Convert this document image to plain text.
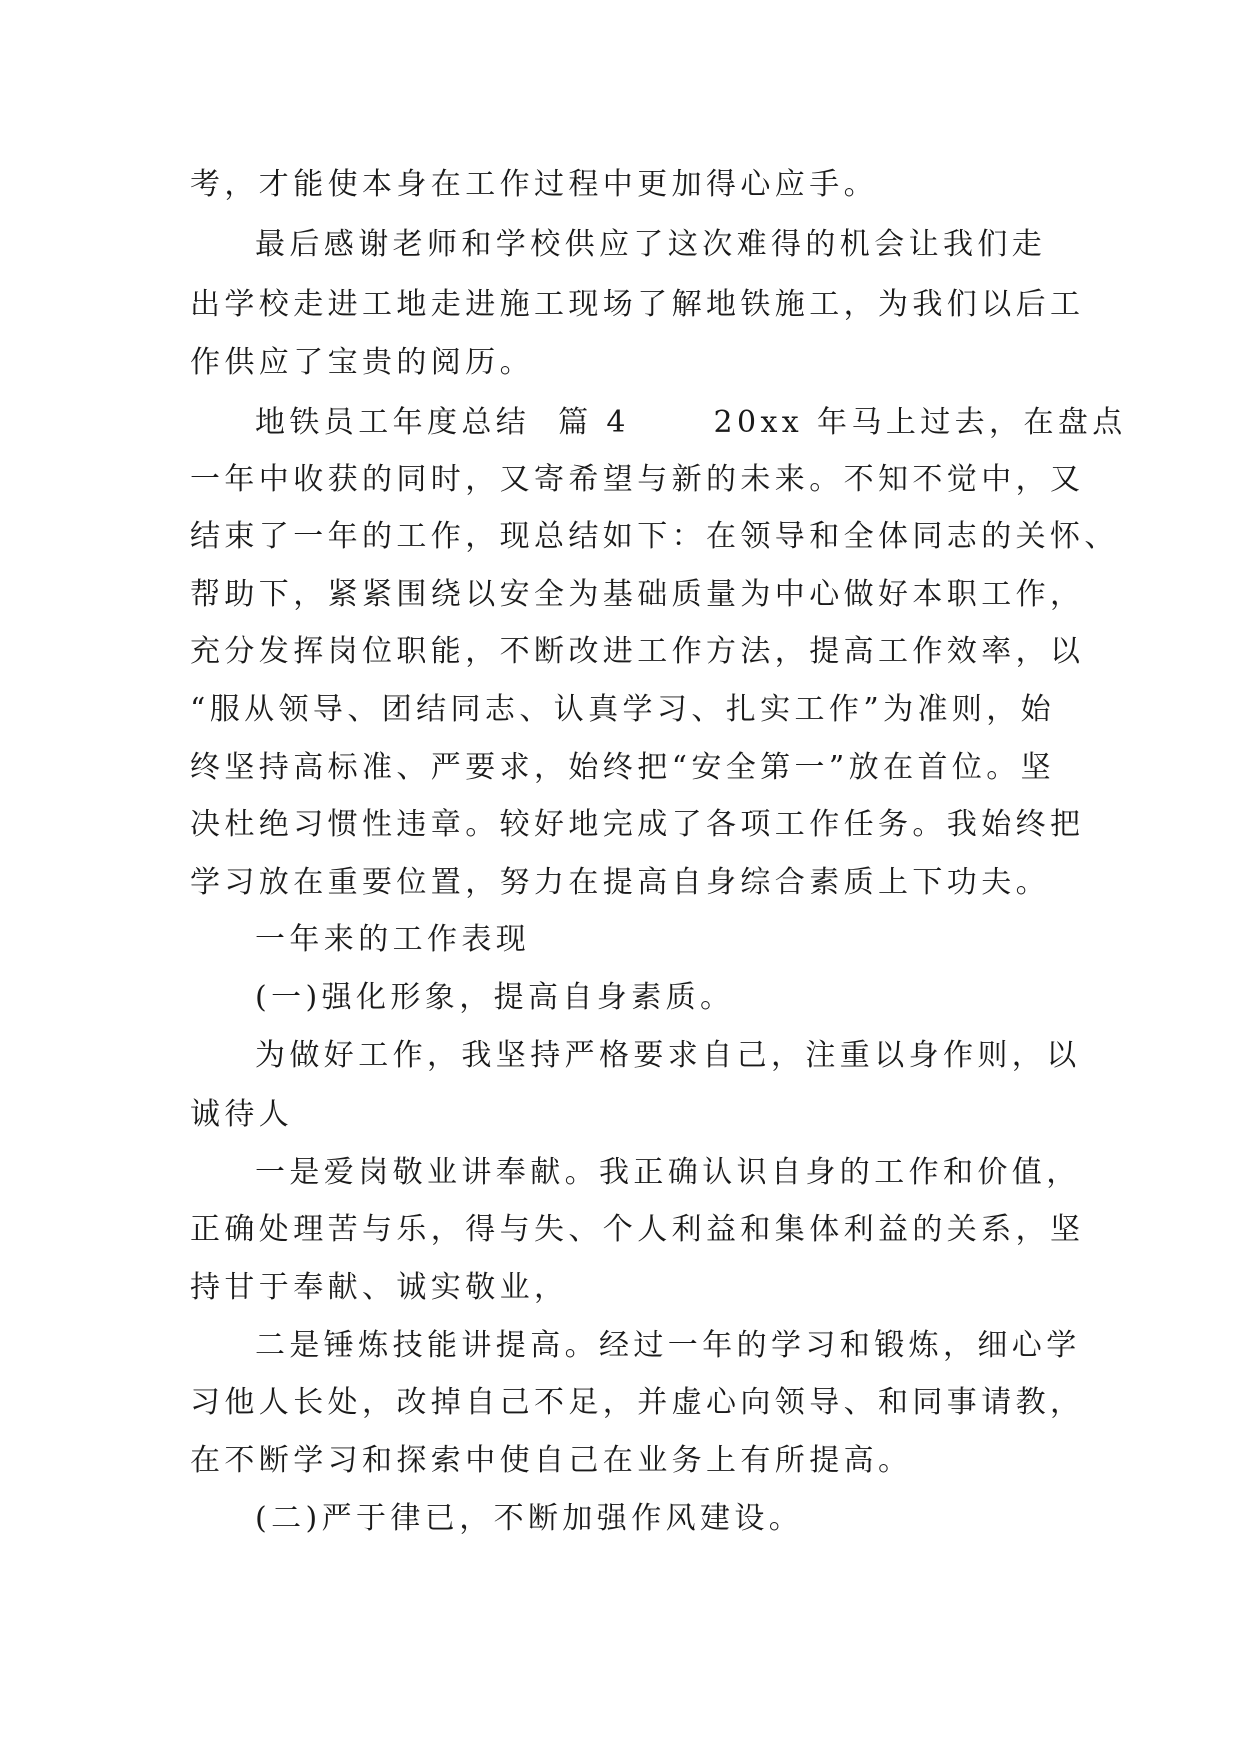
考，才能使本身在工作过程中更加得心应手。

最后感谢老师和学校供应了这次难得的机会让我们走

出学校走进工地走进施工现场了解地铁施工，为我们以后工

作供应了宝贵的阅历。

地铁员工年度总结  篇 4      20xx 年马上过去，在盘点

一年中收获的同时，又寄希望与新的未来。不知不觉中，又

结束了一年的工作，现总结如下：在领导和全体同志的关怀、

帮助下，紧紧围绕以安全为基础质量为中心做好本职工作，

充分发挥岗位职能，不断改进工作方法，提高工作效率，以

“服从领导、团结同志、认真学习、扎实工作”为准则，始

终坚持高标准、严要求，始终把“安全第一”放在首位。坚

决杜绝习惯性违章。较好地完成了各项工作任务。我始终把

学习放在重要位置，努力在提高自身综合素质上下功夫。

一年来的工作表现

(一)强化形象，提高自身素质。

为做好工作，我坚持严格要求自己，注重以身作则，以

诚待人

一是爱岗敬业讲奉献。我正确认识自身的工作和价值，

正确处理苦与乐，得与失、个人利益和集体利益的关系，坚

持甘于奉献、诚实敬业，

二是锤炼技能讲提高。经过一年的学习和锻炼，细心学

习他人长处，改掉自己不足，并虚心向领导、和同事请教，

在不断学习和探索中使自己在业务上有所提高。

(二)严于律已，不断加强作风建设。
